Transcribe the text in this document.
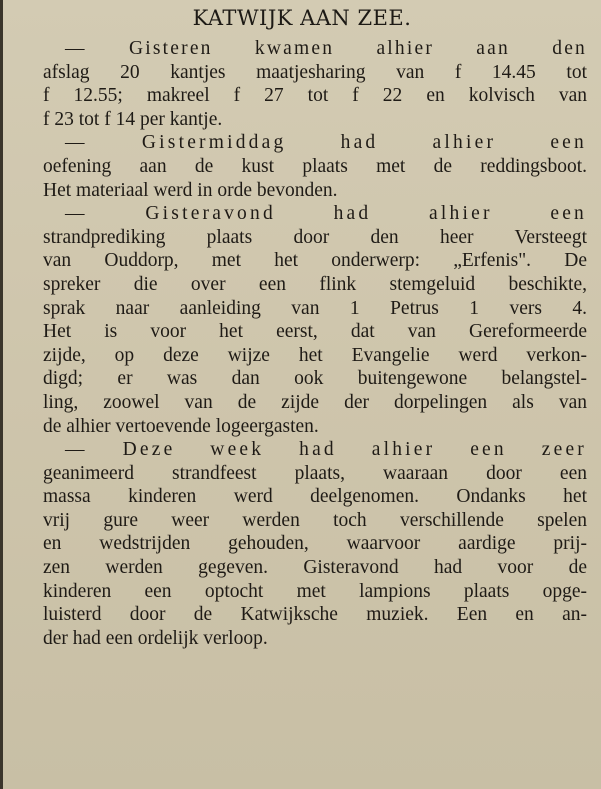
KATWIJK AAN ZEE.

— Gisteren kwamen alhier aan den
afslag 20 kantjes maatjesharing van f 14.45 tot
f 12.55; makreel f 27 tot f 22 en kolvisch van
f 23 tot f 14 per kantje.

— Gistermiddag had alhier een
oefening aan de kust plaats met de reddingsboot.
Het materiaal werd in orde bevonden.

— Gisteravond had alhier een
strandprediking plaats door den heer Versteegt
van Ouddorp, met het onderwerp: „Erfenis". De
spreker die over een flink stemgeluid beschikte,
sprak naar aanleiding van 1 Petrus 1 vers 4.
Het is voor het eerst, dat van Gereformeerde
zijde, op deze wijze het Evangelie werd verkon-
digd; er was dan ook buitengewone belangstel-
ling, zoowel van de zijde der dorpelingen als van
de alhier vertoevende logeergasten.

— Deze week had alhier een zeer
geanimeerd strandfeest plaats, waaraan door een
massa kinderen werd deelgenomen. Ondanks het
vrij gure weer werden toch verschillende spelen
en wedstrijden gehouden, waarvoor aardige prij-
zen werden gegeven. Gisteravond had voor de
kinderen een optocht met lampions plaats opge-
luisterd door de Katwijksche muziek. Een en an-
der had een ordelijk verloop.
